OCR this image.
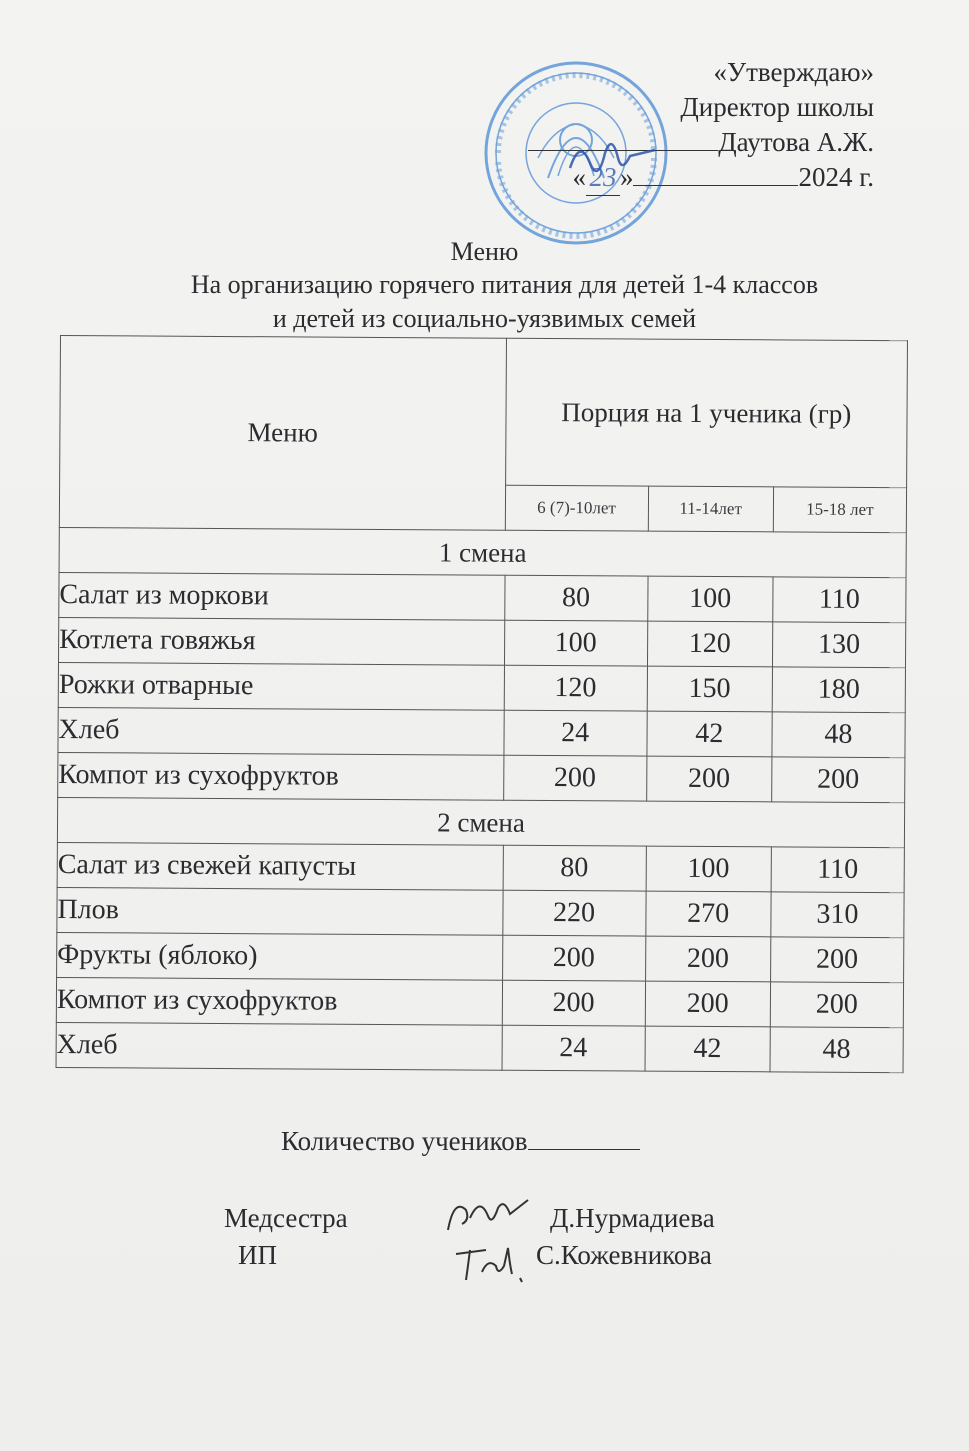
«Утверждаю»
Директор школы
Даутова А.Ж.
« 23 »	2024 г.
Меню
На организацию горячего питания для детей 1-4 классов
и детей из социально-уязвимых семей
Меню	Порция на 1 ученика (гр)		
	6 (7)-10лет	11-14лет	15-18 лет
1 смена			
Салат из моркови	80	100	110
Котлета говяжья	100	120	130
Рожки отварные	120	150	180
Хлеб	24	42	48
Компот из сухофруктов	200	200	200
2 смена			
Салат из свежей капусты	80	100	110
Плов	220	270	310
Фрукты (яблоко)	200	200	200
Компот из сухофруктов	200	200	200
Хлеб	24	42	48
Количество учеников
Медсестра	Д.Нурмадиева
ИП	С.Кожевникова
